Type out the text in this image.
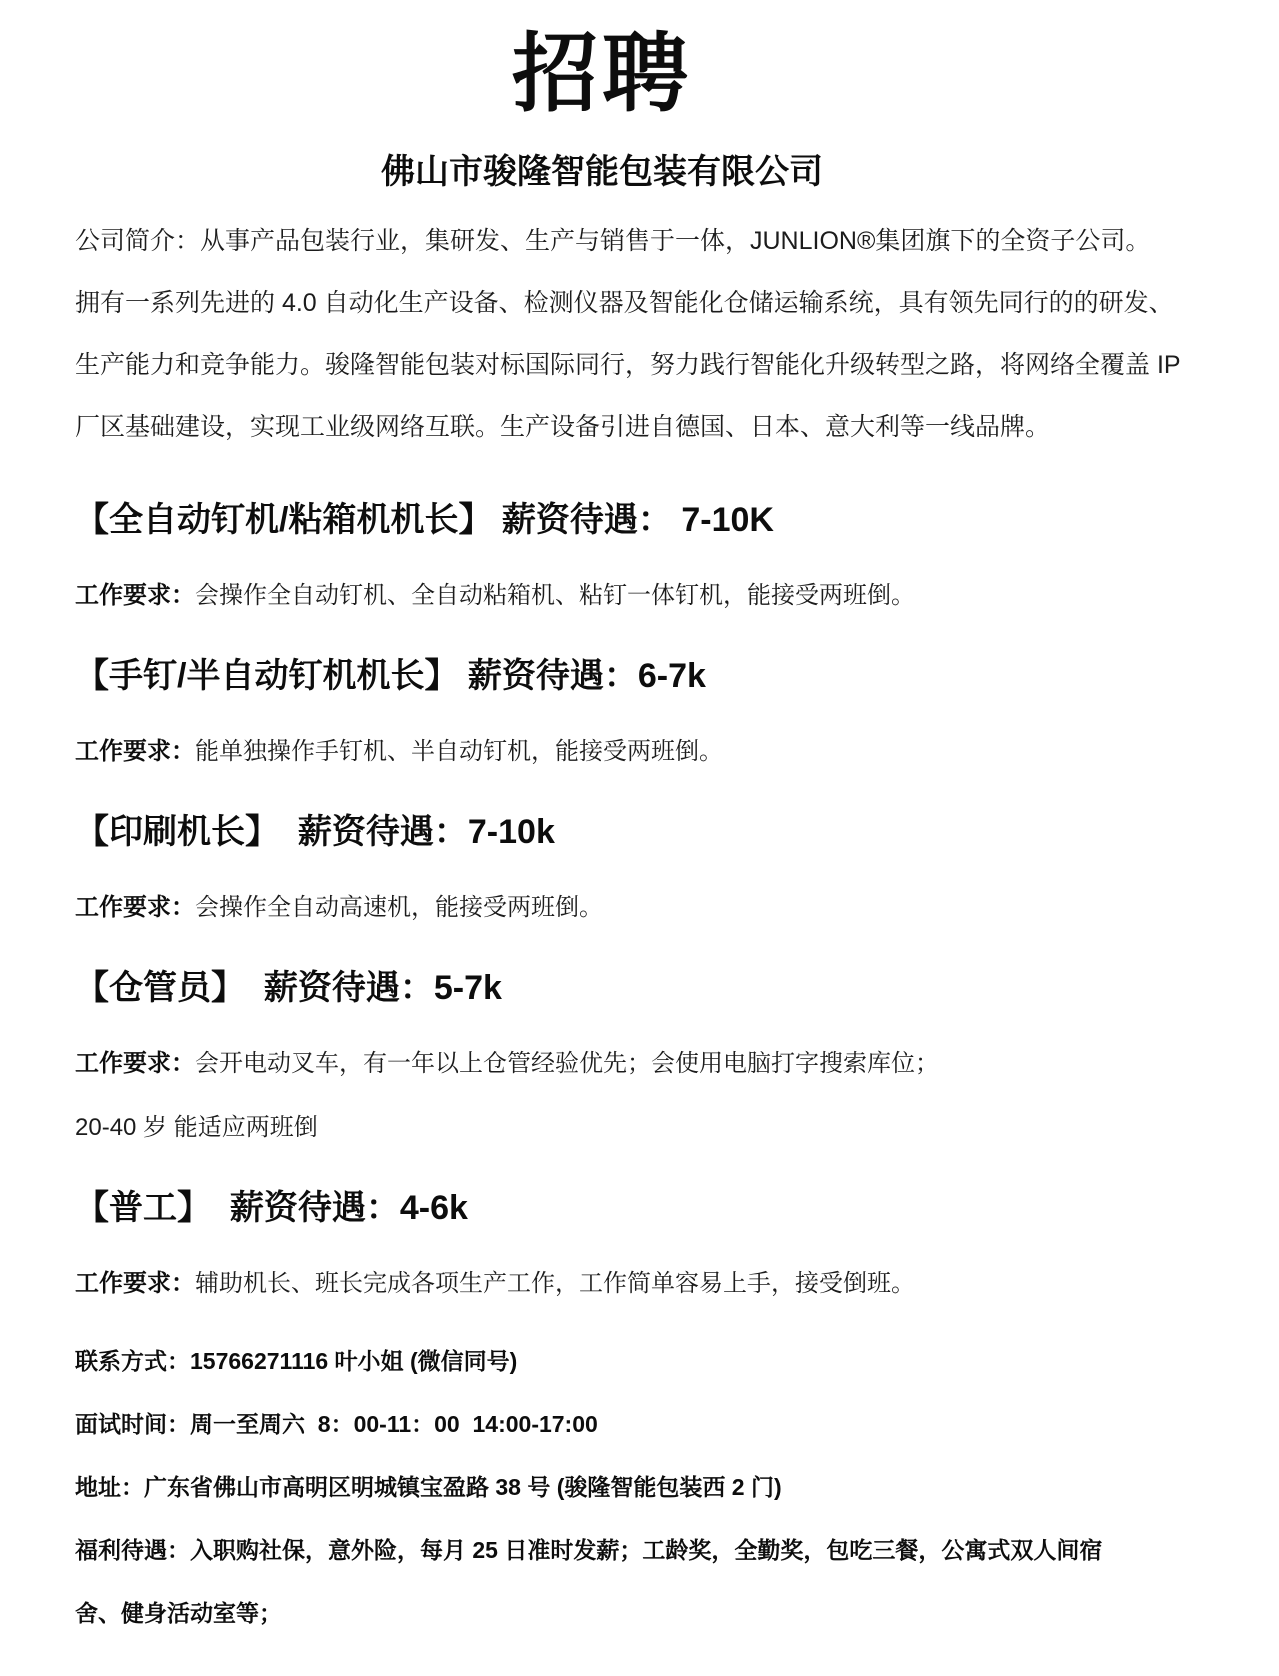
招聘
佛山市骏隆智能包装有限公司
公司简介：从事产品包装行业，集研发、生产与销售于一体，JUNLION®集团旗下的全资子公司。
拥有一系列先进的 4.0 自动化生产设备、检测仪器及智能化仓储运输系统，具有领先同行的的研发、
生产能力和竞争能力。骏隆智能包装对标国际同行，努力践行智能化升级转型之路，将网络全覆盖 IP
厂区基础建设，实现工业级网络互联。生产设备引进自德国、日本、意大利等一线品牌。
【全自动钉机/粘箱机机长】 薪资待遇： 7-10K

工作要求：会操作全自动钉机、全自动粘箱机、粘钉一体钉机，能接受两班倒。

【手钉/半自动钉机机长】 薪资待遇：6-7k

工作要求：能单独操作手钉机、半自动钉机，能接受两班倒。

【印刷机长】  薪资待遇：7-10k

工作要求：会操作全自动高速机，能接受两班倒。

【仓管员】  薪资待遇：5-7k

工作要求：会开电动叉车，有一年以上仓管经验优先；会使用电脑打字搜索库位；

20-40 岁 能适应两班倒

【普工】  薪资待遇：4-6k

工作要求：辅助机长、班长完成各项生产工作，工作简单容易上手，接受倒班。

联系方式：15766271116 叶小姐 (微信同号)

面试时间：周一至周六  8：00-11：00  14:00-17:00

地址：广东省佛山市高明区明城镇宝盈路 38 号 (骏隆智能包装西 2 门)

福利待遇：入职购社保，意外险，每月 25 日准时发薪；工龄奖，全勤奖，包吃三餐，公寓式双人间宿舍、健身活动室等；
